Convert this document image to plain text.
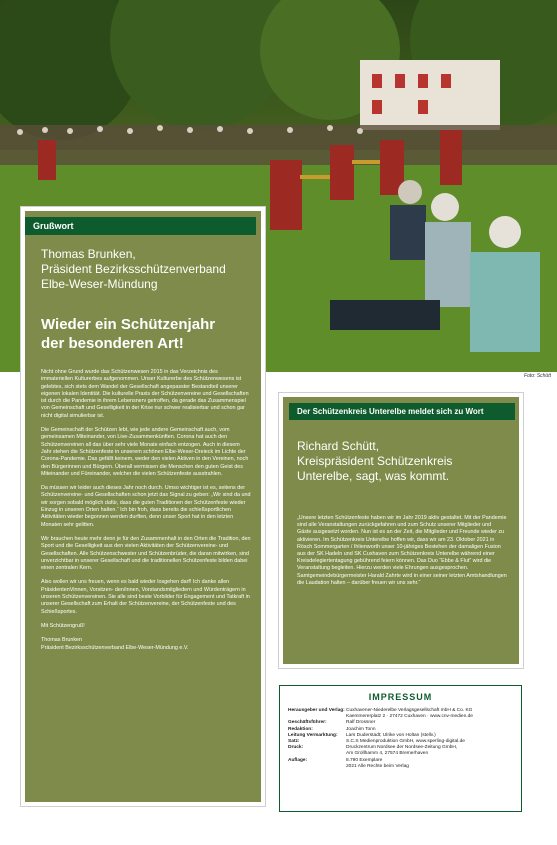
Foto: Schütt
Grußwort
Thomas Brunken,
Präsident Bezirksschützenverband
Elbe-Weser-Mündung
Wieder ein Schützenjahr
der besonderen Art!

Nicht ohne Grund wurde das Schützenwesen 2015 in das Verzeichnis des immateriellen Kulturerbes aufgenommen. Unser Kulturerbe des Schützenwesens ist gelebtes, sich stets dem Wandel der Gesellschaft angepasster Bestandteil unserer eigenen lokalen Identität. Die kulturelle Praxis der Schützenvereine und Gesellschaften ist durch die Pandemie in ihrem Lebensnerv getroffen, da gerade das Zusammenspiel von Gemeinschaft und Geselligkeit in der Krise nur schwer realisierbar und schon gar nicht digital simulierbar ist.

Die Gemeinschaft der Schützen lebt, wie jede andere Gemeinschaft auch, vom gemeinsamen Miteinander, von Live-Zusammenkünften. Corona hat auch den Schützenvereinen all das über sehr viele Monate einfach entzogen. Auch in diesem Jahr stehen die Schützenfeste in unserem schönen Elbe-Weser-Dreieck im Lichte der Corona-Pandemie. Das gefällt keinem, weder den vielen Aktiven in den Vereinen, noch den Bürgerinnen und Bürgern. Überall vermissen die Menschen den guten Geist des Miteinander und Füreinander, welcher die vielen Schützenfeste ausstrahlen.

Da müssen wir leider auch dieses Jahr noch durch. Umso wichtiger ist es, seitens der Schützenvereine- und Gesellschaften schon jetzt das Signal zu geben: „Wir sind da und wir sorgen sobald möglich dafür, dass die guten Traditionen der Schützenfeste wieder Einzug in unseren Orten halten.“ Ich bin froh, dass bereits die schießsportlichen Aktivitäten wieder begonnen werden durften, denn unser Sport hat in den letzten Monaten sehr gelitten.

Wir brauchen heute mehr denn je für den Zusammenhalt in den Orten die Tradition, den Sport und die Geselligkeit aus den vielen Aktivitäten der Schützenvereine- und Gesellschaften. Alle Schützenschwester und Schützenbrüder, die daran mitwirken, sind unverzichtbar in unserer Gesellschaft und die traditionellen Schützenfeste bilden dabei einen zentralen Kern.

Also wollen wir uns freuen, wenn es bald wieder losgehen darf! Ich danke allen PräsidentenVinnen, Vorsitzen- den/innen, Vorstandsmitgliedern und Würdenträgern in unseren Schützenvereinen. Sie alle sind beste Vorbilder für Engagement und Tatkraft in unserer Gesellschaft zum Erhalt der Schützenvereine, der Schützenfeste und des Schießsportes.

Mit Schützengruß!

Thomas Brunken
Präsident Bezirksschützenverband Elbe-Weser-Mündung e.V.

Der Schützenkreis Unterelbe meldet sich zu Wort
Richard Schütt,
Kreispräsident Schützenkreis
Unterelbe, sagt, was kommt.
„Unsere letzten Schützenfeste haben wir im Jahr 2019 aktiv gestaltet. Mit der Pandemie sind alle Veranstaltungen zurückgefahren und zum Schutz unserer Mitglieder und Gäste ausgesetzt worden. Nun ist es an der Zeit, die Mitglieder und Freunde wieder zu aktivieren. Im Schützenkreis Unterelbe hoffen wir, dass wir am 23. Oktober 2021 in Rösch Sommergarten / Ihlienworth unser 10-jähriges Bestehen der damaligen Fusion aus der SK Hadeln und SK Cuxhaven zum Schützenkreis Unterelbe während einer Kreisdelegiertentagung gebührend feiern können. Das Duo “Ebbe & Flut” wird die Veranstaltung begleiten. Hierzu werden viele Ehrungen ausgesprochen. Samtgemeindebürgermeister Harald Zahrte wird in einer seiner letzten Amtshandlungen die Laudation halten – darüber freuen wir uns sehr.“
IMPRESSUM
Herausgeber und Verlag: Cuxhavener-Niederelbe Verlagsgesellschaft mbH & Co. KG
Kaemmererplatz 2 · 27472 Cuxhaven · www.cnv-medien.de
Geschäftsführer:	Ralf Drossner
Redaktion:	Joachim Tonn
Leitung Vermarktung:	Lars Duderstadt; Ulrike von Holtan (stellv.)
Satz:	S.C.S Medienproduktion GmbH, www.sperling-digital.de
Druck:	Druckzentrum Nordsee der Nordsee-Zeitung GmbH,
Am Grollhamm 4, 27574 Bremerhaven
Auflage:	8.790 Exemplare
2021 Alle Rechte beim Verlag
